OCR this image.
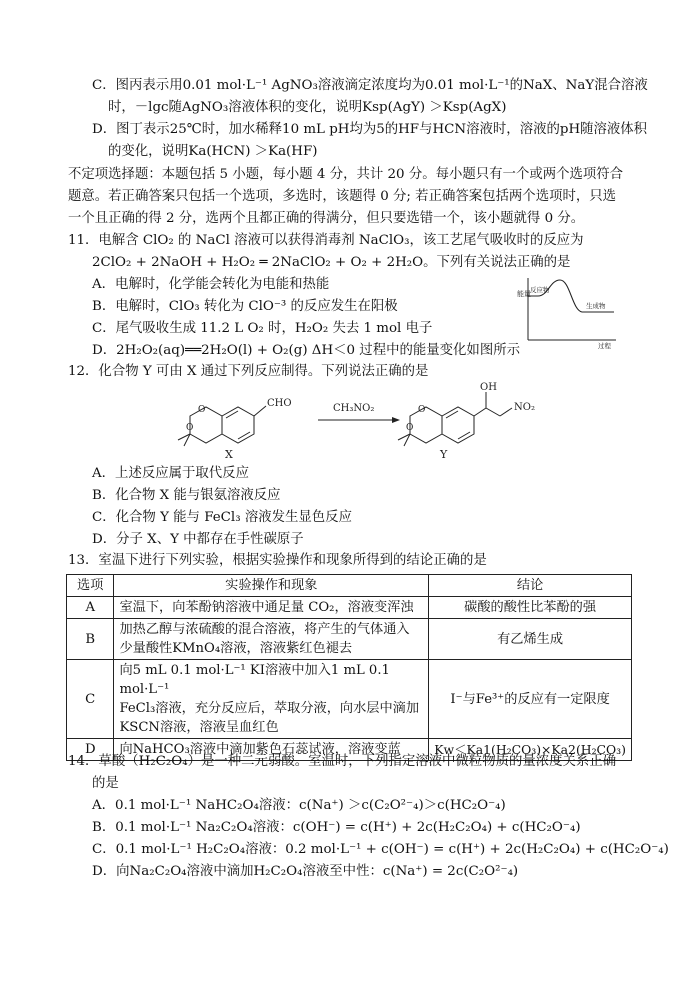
C．图丙表示用0.01 mol·L⁻¹ AgNO₃溶液滴定浓度均为0.01 mol·L⁻¹的NaX、NaY混合溶液
时，－lgc随AgNO₃溶液体积的变化，说明Ksp(AgY) ＞Ksp(AgX)
D．图丁表示25℃时，加水稀释10 mL pH均为5的HF与HCN溶液时，溶液的pH随溶液体积
的变化，说明Ka(HCN) ＞Ka(HF)
不定项选择题：本题包括 5 小题，每小题 4 分，共计 20 分。每小题只有一个或两个选项符合
题意。若正确答案只包括一个选项，多选时，该题得 0 分; 若正确答案包括两个选项时，只选
一个且正确的得 2 分，选两个且都正确的得满分，但只要选错一个，该小题就得 0 分。
11．电解含 ClO₂ 的 NaCl 溶液可以获得消毒剂 NaClO₃，该工艺尾气吸收时的反应为
2ClO₂ + 2NaOH + H₂O₂ ═ 2NaClO₂ + O₂ + 2H₂O。下列有关说法正确的是
A．电解时，化学能会转化为电能和热能
B．电解时，ClO₃ 转化为 ClO⁻³ 的反应发生在阳极
C．尾气吸收生成 11.2 L O₂ 时，H₂O₂ 失去 1 mol 电子
D．2H₂O₂(aq)══2H₂O(l) + O₂(g) ΔH＜0 过程中的能量变化如图所示
能量 反应物
生成物
过程
12．化合物 Y 可由 X 通过下列反应制得。下列说法正确的是
O
O
CHO
X
CH₃NO₂	O
O
OH
NO₂
Y
A．上述反应属于取代反应
B．化合物 X 能与银氨溶液反应
C．化合物 Y 能与 FeCl₃ 溶液发生显色反应
D．分子 X、Y 中都存在手性碳原子
13．室温下进行下列实验，根据实验操作和现象所得到的结论正确的是
选项	实验操作和现象	结论
A	室温下，向苯酚钠溶液中通足量 CO₂，溶液变浑浊	碳酸的酸性比苯酚的强
B	加热乙醇与浓硫酸的混合溶液，将产生的气体通入
少量酸性KMnO₄溶液，溶液紫红色褪去	有乙烯生成
C	向5 mL 0.1 mol·L⁻¹ KI溶液中加入1 mL 0.1 mol·L⁻¹
FeCl₃溶液，充分反应后，萃取分液，向水层中滴加
KSCN溶液，溶液呈血红色	I⁻与Fe³⁺的反应有一定限度
D	向NaHCO₃溶液中滴加紫色石蕊试液，溶液变蓝	Kw＜Ka1(H₂CO₃)×Ka2(H₂CO₃)
14．草酸（H₂C₂O₄）是一种二元弱酸。室温时，下列指定溶液中微粒物质的量浓度关系正确
的是
A．0.1 mol·L⁻¹ NaHC₂O₄溶液：c(Na⁺) ＞c(C₂O²⁻₄)＞c(HC₂O⁻₄)
B．0.1 mol·L⁻¹ Na₂C₂O₄溶液：c(OH⁻) = c(H⁺) + 2c(H₂C₂O₄) + c(HC₂O⁻₄)
C．0.1 mol·L⁻¹ H₂C₂O₄溶液：0.2 mol·L⁻¹ + c(OH⁻) = c(H⁺) + 2c(H₂C₂O₄) + c(HC₂O⁻₄)
D．向Na₂C₂O₄溶液中滴加H₂C₂O₄溶液至中性：c(Na⁺) = 2c(C₂O²⁻₄)
